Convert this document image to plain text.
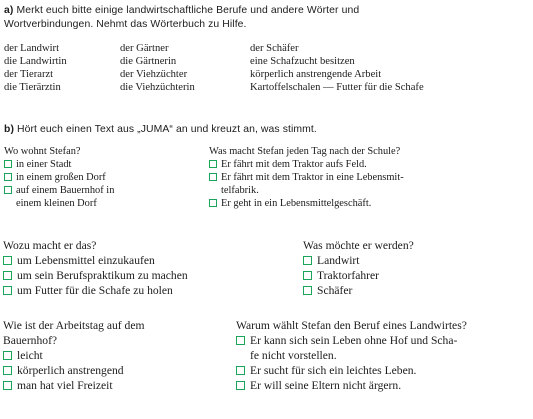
a) Merkt euch bitte einige landwirtschaftliche Berufe und andere Wörter und
Wortverbindungen. Nehmt das Wörterbuch zu Hilfe.
der Landwirt
die Landwirtin
der Tierarzt
die Tierärztin
der Gärtner
die Gärtnerin
der Viehzüchter
die Viehzüchterin
der Schäfer
eine Schafzucht besitzen
körperlich anstrengende Arbeit
Kartoffelschalen — Futter für die Schafe
b) Hört euch einen Text aus „JUMA“ an und kreuzt an, was stimmt.
Wo wohnt Stefan?
in einer Stadt
in einem großen Dorf
auf einem Bauernhof in
einem kleinen Dorf
Was macht Stefan jeden Tag nach der Schule?
Er fährt mit dem Traktor aufs Feld.
Er fährt mit dem Traktor in eine Lebensmit-
telfabrik.
Er geht in ein Lebensmittelgeschäft.
Wozu macht er das?
um Lebensmittel einzukaufen
um sein Berufspraktikum zu machen
um Futter für die Schafe zu holen
Was möchte er werden?
Landwirt
Traktorfahrer
Schäfer
Wie ist der Arbeitstag auf dem
Bauernhof?
leicht
körperlich anstrengend
man hat viel Freizeit
Warum wählt Stefan den Beruf eines Landwirtes?
Er kann sich sein Leben ohne Hof und Scha-
fe nicht vorstellen.
Er sucht für sich ein leichtes Leben.
Er will seine Eltern nicht ärgern.
